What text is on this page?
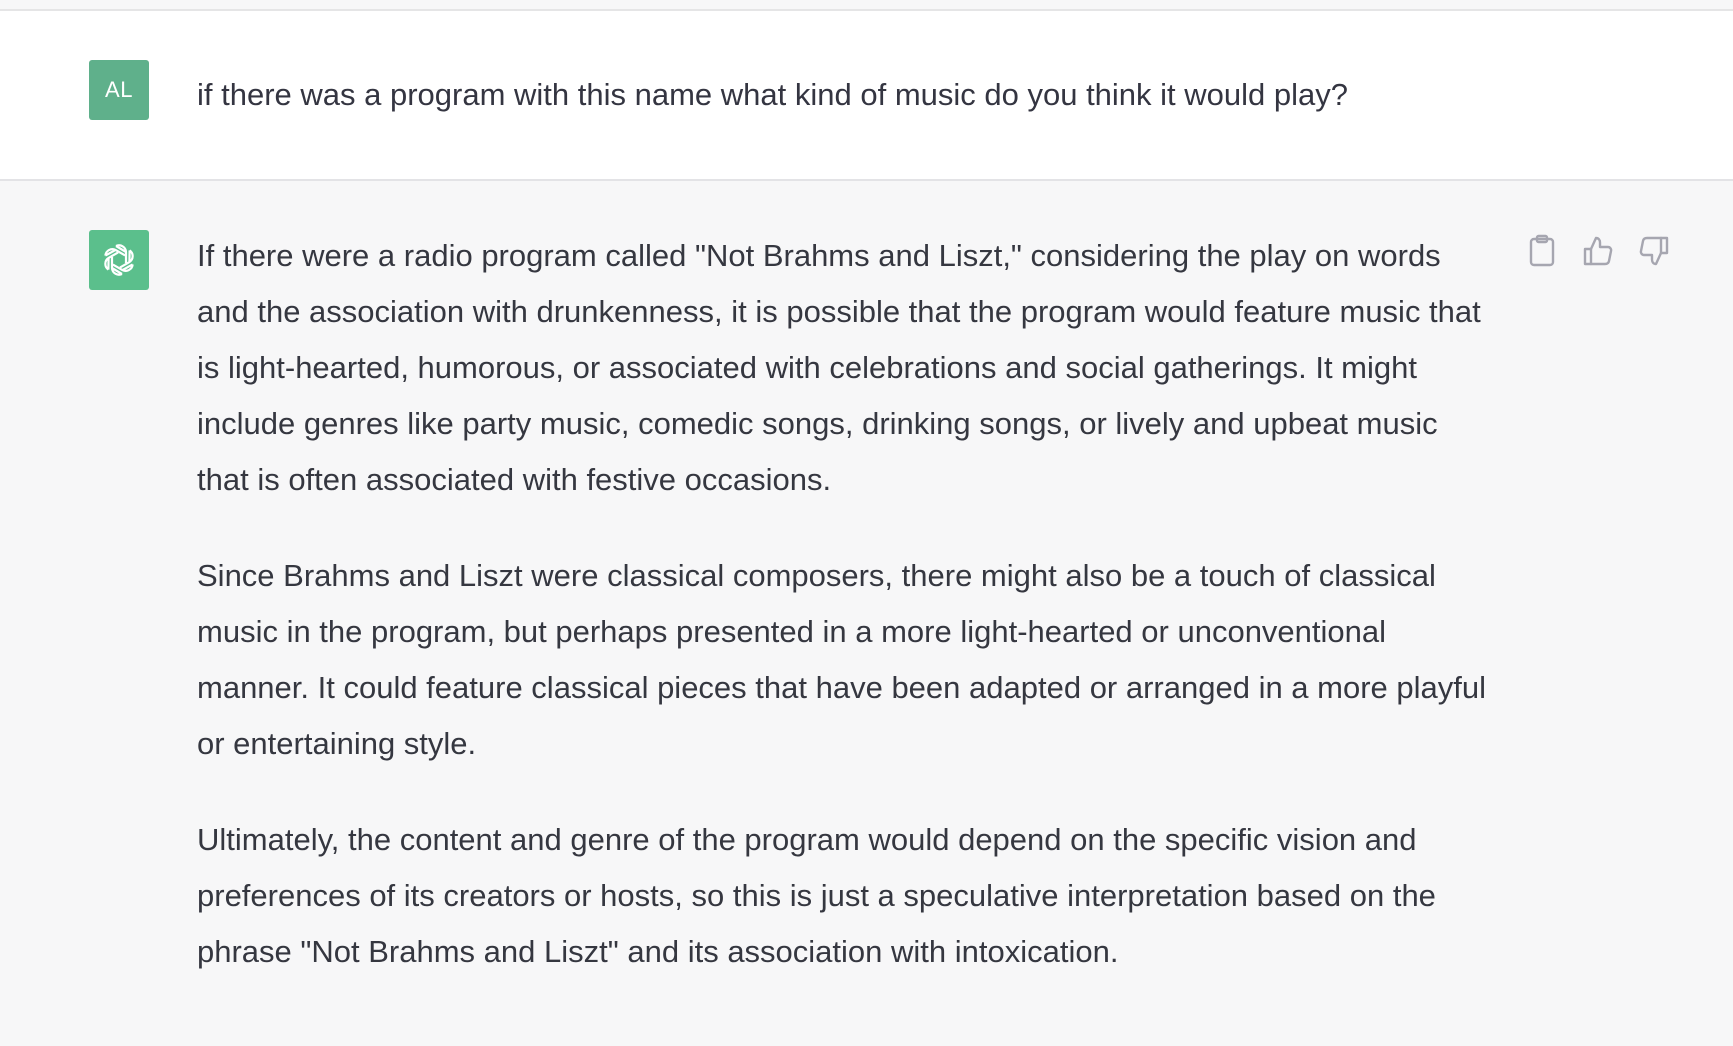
AL if there was a program with this name what kind of music do you think it would play?

If there were a radio program called "Not Brahms and Liszt," considering the play on words and the association with drunkenness, it is possible that the program would feature music that is light-hearted, humorous, or associated with celebrations and social gatherings. It might include genres like party music, comedic songs, drinking songs, or lively and upbeat music that is often associated with festive occasions.

Since Brahms and Liszt were classical composers, there might also be a touch of classical music in the program, but perhaps presented in a more light-hearted or unconventional manner. It could feature classical pieces that have been adapted or arranged in a more playful or entertaining style.

Ultimately, the content and genre of the program would depend on the specific vision and preferences of its creators or hosts, so this is just a speculative interpretation based on the phrase "Not Brahms and Liszt" and its association with intoxication.
